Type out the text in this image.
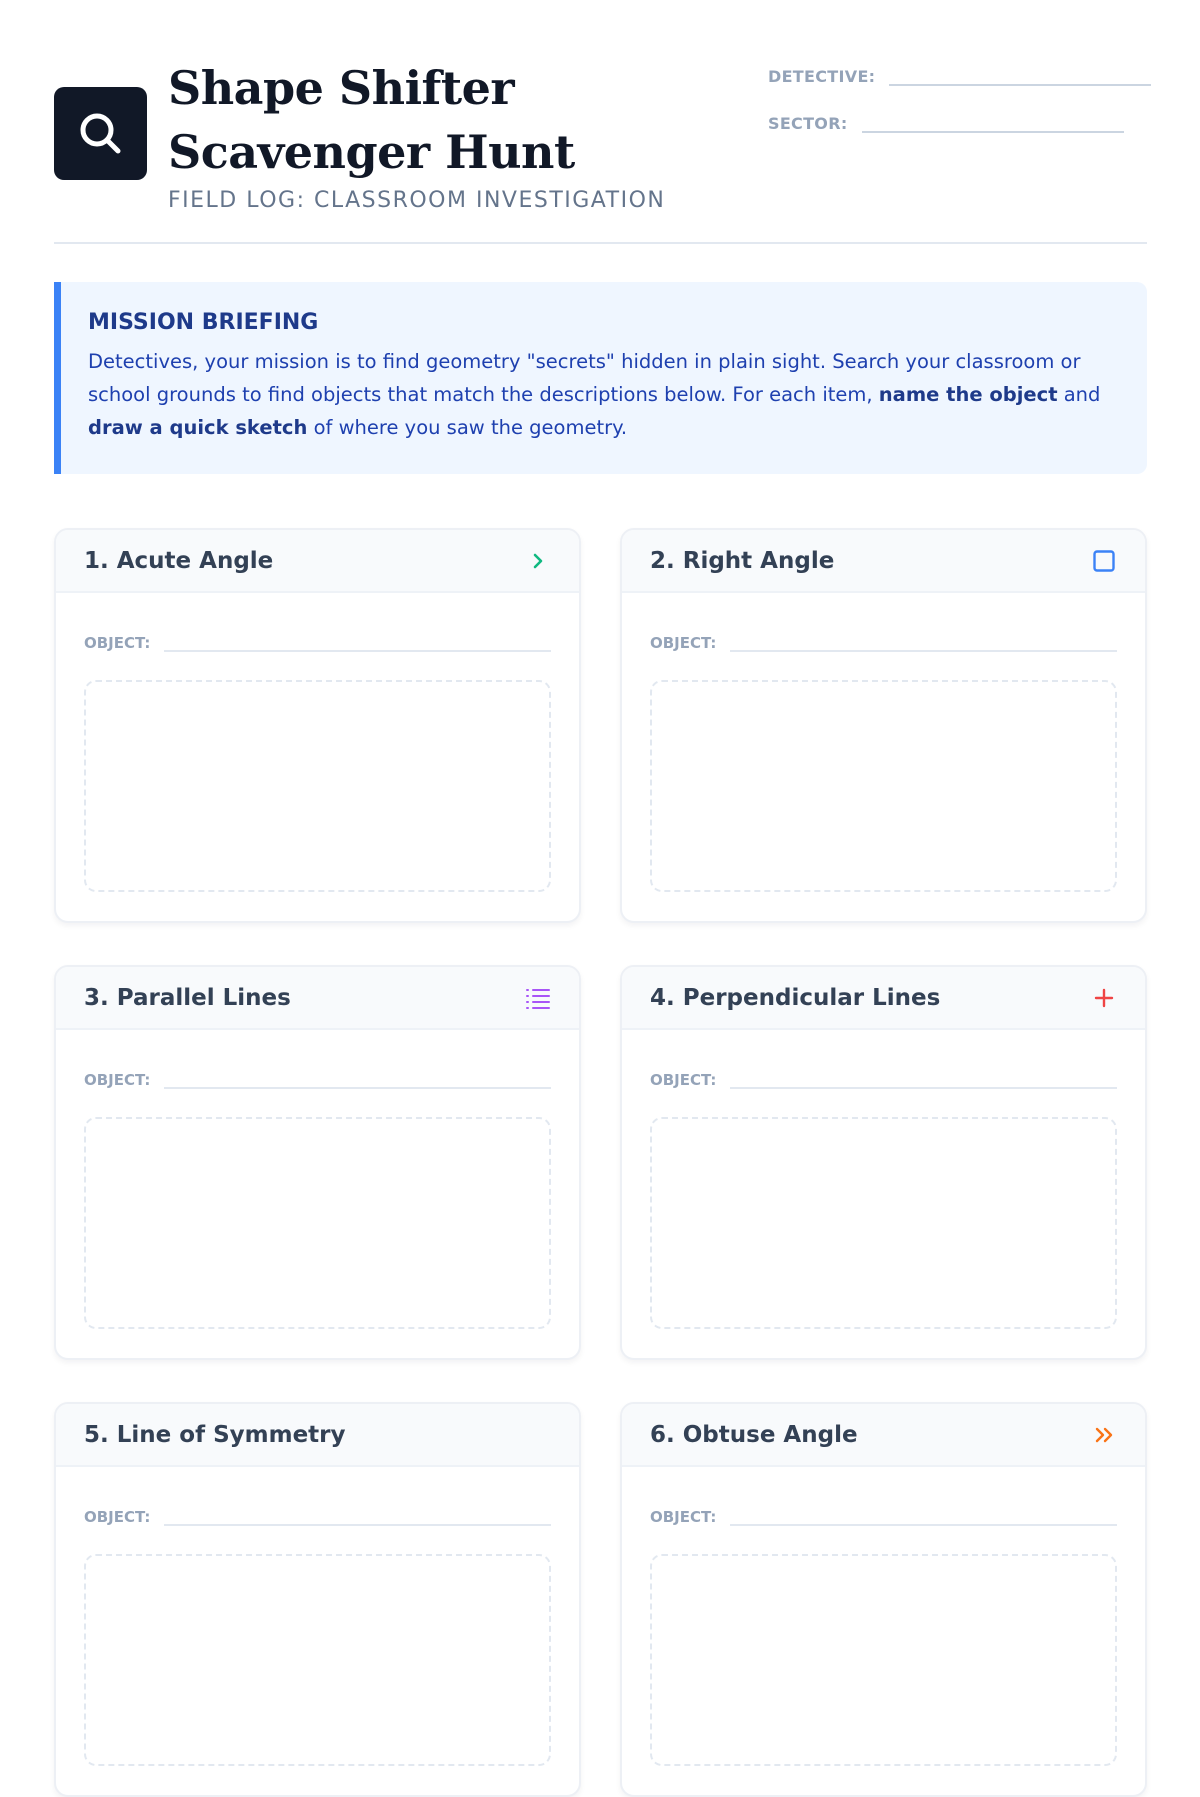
Shape Shifter Scavenger Hunt
FIELD LOG: CLASSROOM INVESTIGATION
DETECTIVE:
SECTOR:
MISSION BRIEFING

Detectives, your mission is to find geometry "secrets" hidden in plain sight. Search your classroom or school grounds to find objects that match the descriptions below. For each item, name the object and draw a quick sketch of where you saw the geometry.

1. Acute Angle
OBJECT:
2. Right Angle
OBJECT:
3. Parallel Lines
OBJECT:
4. Perpendicular Lines
OBJECT:
5. Line of Symmetry
OBJECT:
6. Obtuse Angle
OBJECT:
